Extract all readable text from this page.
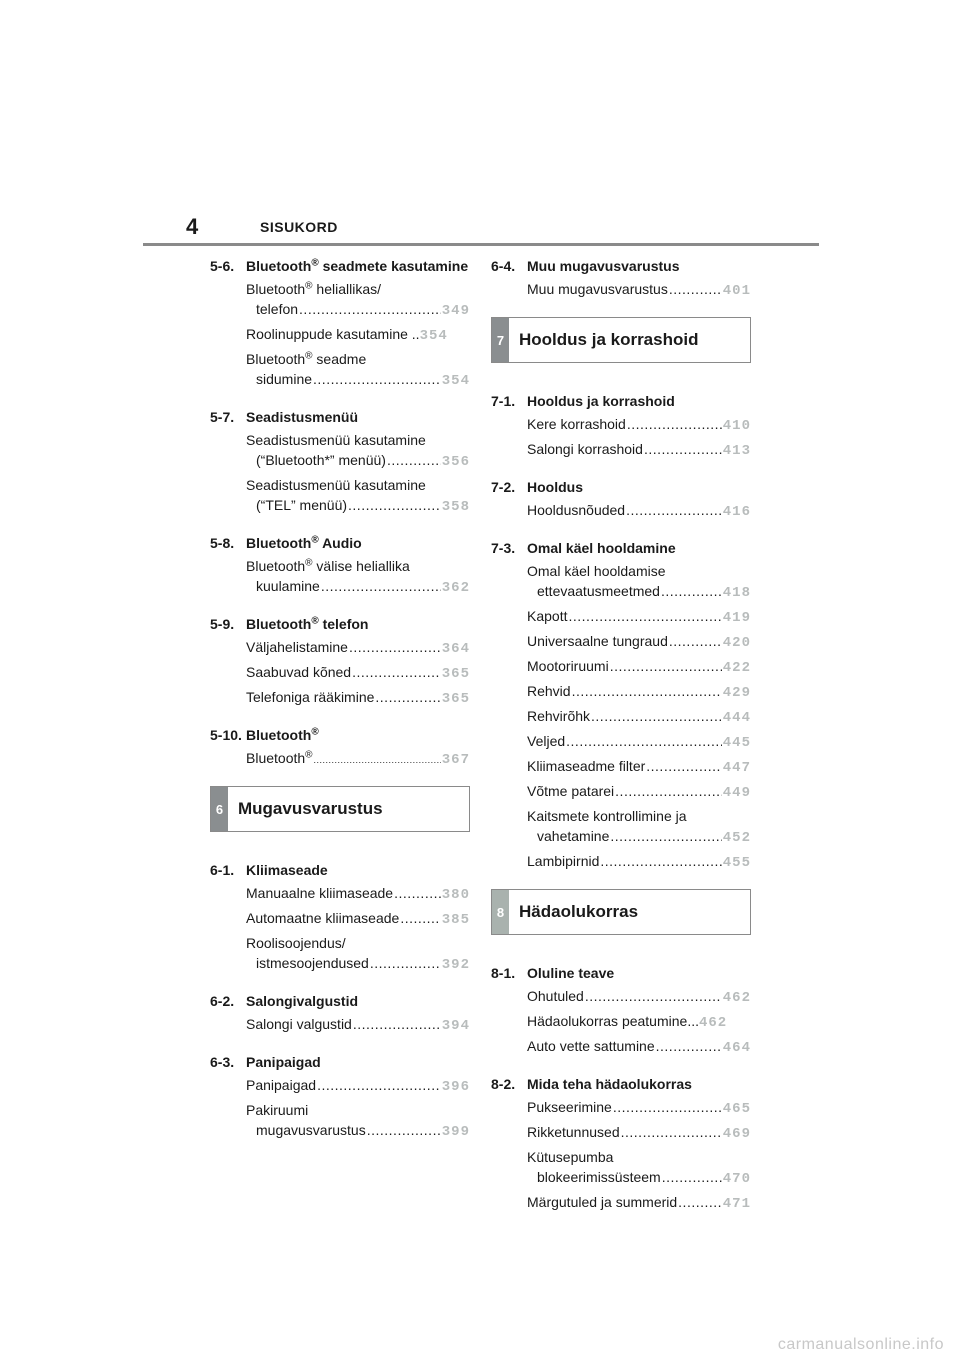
4	SISUKORD
5-6. Bluetooth® seadmete kasutamine
Bluetooth® heliallikas/
telefon .....	349
Roolinuppude kasutamine .. 354
Bluetooth® seadme
sidumine .....	354
5-7. Seadistusmenüü
Seadistusmenüü kasutamine
(“Bluetooth*” menüü) .....	356
Seadistusmenüü kasutamine
(“TEL” menüü) .....	358
5-8. Bluetooth® Audio
Bluetooth® välise heliallika
kuulamine .....	362
5-9. Bluetooth® telefon
Väljahelistamine .....	364
Saabuvad kõned .....	365
Telefoniga rääkimine .....	365
5-10. Bluetooth®
Bluetooth® .....	367
6 Mugavusvarustus
6-1. Kliimaseade
Manuaalne kliimaseade .....	380
Automaatne kliimaseade .....	385
Roolisoojendus/
istmesoojendused .....	392
6-2. Salongivalgustid
Salongi valgustid .....	394
6-3. Panipaigad
Panipaigad .....	396
Pakiruumi
mugavusvarustus .....	399
6-4. Muu mugavusvarustus
Muu mugavusvarustus .....	401
7 Hooldus ja korrashoid
7-1. Hooldus ja korrashoid
Kere korrashoid .....	410
Salongi korrashoid .....	413
7-2. Hooldus
Hooldusnõuded .....	416
7-3. Omal käel hooldamine
Omal käel hooldamise
ettevaatusmeetmed .....	418
Kapott .....	419
Universaalne tungraud .....	420
Mootoriruumi .....	422
Rehvid .....	429
Rehvirõhk .....	444
Veljed .....	445
Kliimaseadme filter .....	447
Võtme patarei .....	449
Kaitsmete kontrollimine ja
vahetamine .....	452
Lambipirnid .....	455
8 Hädaolukorras
8-1. Oluline teave
Ohutuled .....	462
Hädaolukorras peatumine... 462
Auto vette sattumine .....	464
8-2. Mida teha hädaolukorras
Pukseerimine .....	465
Rikketunnused .....	469
Kütusepumba
blokeerimissüsteem .....	470
Märgutuled ja summerid .....	471
carmanualsonline.info
